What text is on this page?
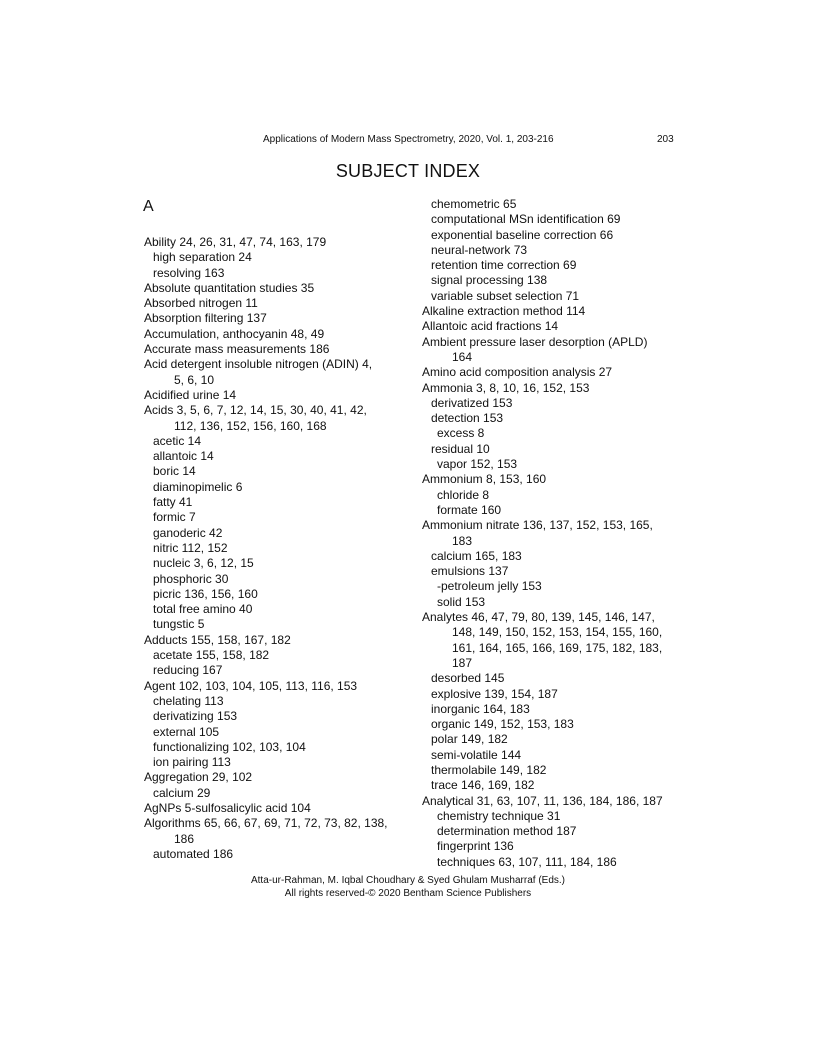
Applications of Modern Mass Spectrometry, 2020, Vol. 1, 203-216	203
SUBJECT INDEX
A
Ability 24, 26, 31, 47, 74, 163, 179
high separation 24
resolving 163
Absolute quantitation studies 35
Absorbed nitrogen 11
Absorption filtering 137
Accumulation, anthocyanin 48, 49
Accurate mass measurements 186
Acid detergent insoluble nitrogen (ADIN) 4,
5, 6, 10
Acidified urine 14
Acids 3, 5, 6, 7, 12, 14, 15, 30, 40, 41, 42,
112, 136, 152, 156, 160, 168
acetic 14
allantoic 14
boric 14
diaminopimelic 6
fatty 41
formic 7
ganoderic 42
nitric 112, 152
nucleic 3, 6, 12, 15
phosphoric 30
picric 136, 156, 160
total free amino 40
tungstic 5
Adducts 155, 158, 167, 182
acetate 155, 158, 182
reducing 167
Agent 102, 103, 104, 105, 113, 116, 153
chelating 113
derivatizing 153
external 105
functionalizing 102, 103, 104
ion pairing 113
Aggregation 29, 102
calcium 29
AgNPs 5-sulfosalicylic acid 104
Algorithms 65, 66, 67, 69, 71, 72, 73, 82, 138,
186
automated 186
chemometric 65
computational MSn identification 69
exponential baseline correction 66
neural-network 73
retention time correction 69
signal processing 138
variable subset selection 71
Alkaline extraction method 114
Allantoic acid fractions 14
Ambient pressure laser desorption (APLD)
164
Amino acid composition analysis 27
Ammonia 3, 8, 10, 16, 152, 153
derivatized 153
detection 153
excess 8
residual 10
vapor 152, 153
Ammonium 8, 153, 160
chloride 8
formate 160
Ammonium nitrate 136, 137, 152, 153, 165,
183
calcium 165, 183
emulsions 137
-petroleum jelly 153
solid 153
Analytes 46, 47, 79, 80, 139, 145, 146, 147,
148, 149, 150, 152, 153, 154, 155, 160,
161, 164, 165, 166, 169, 175, 182, 183,
187
desorbed 145
explosive 139, 154, 187
inorganic 164, 183
organic 149, 152, 153, 183
polar 149, 182
semi-volatile 144
thermolabile 149, 182
trace 146, 169, 182
Analytical 31, 63, 107, 11, 136, 184, 186, 187
chemistry technique 31
determination method 187
fingerprint 136
techniques 63, 107, 111, 184, 186
Atta-ur-Rahman, M. Iqbal Choudhary & Syed Ghulam Musharraf (Eds.)
All rights reserved-© 2020 Bentham Science Publishers
